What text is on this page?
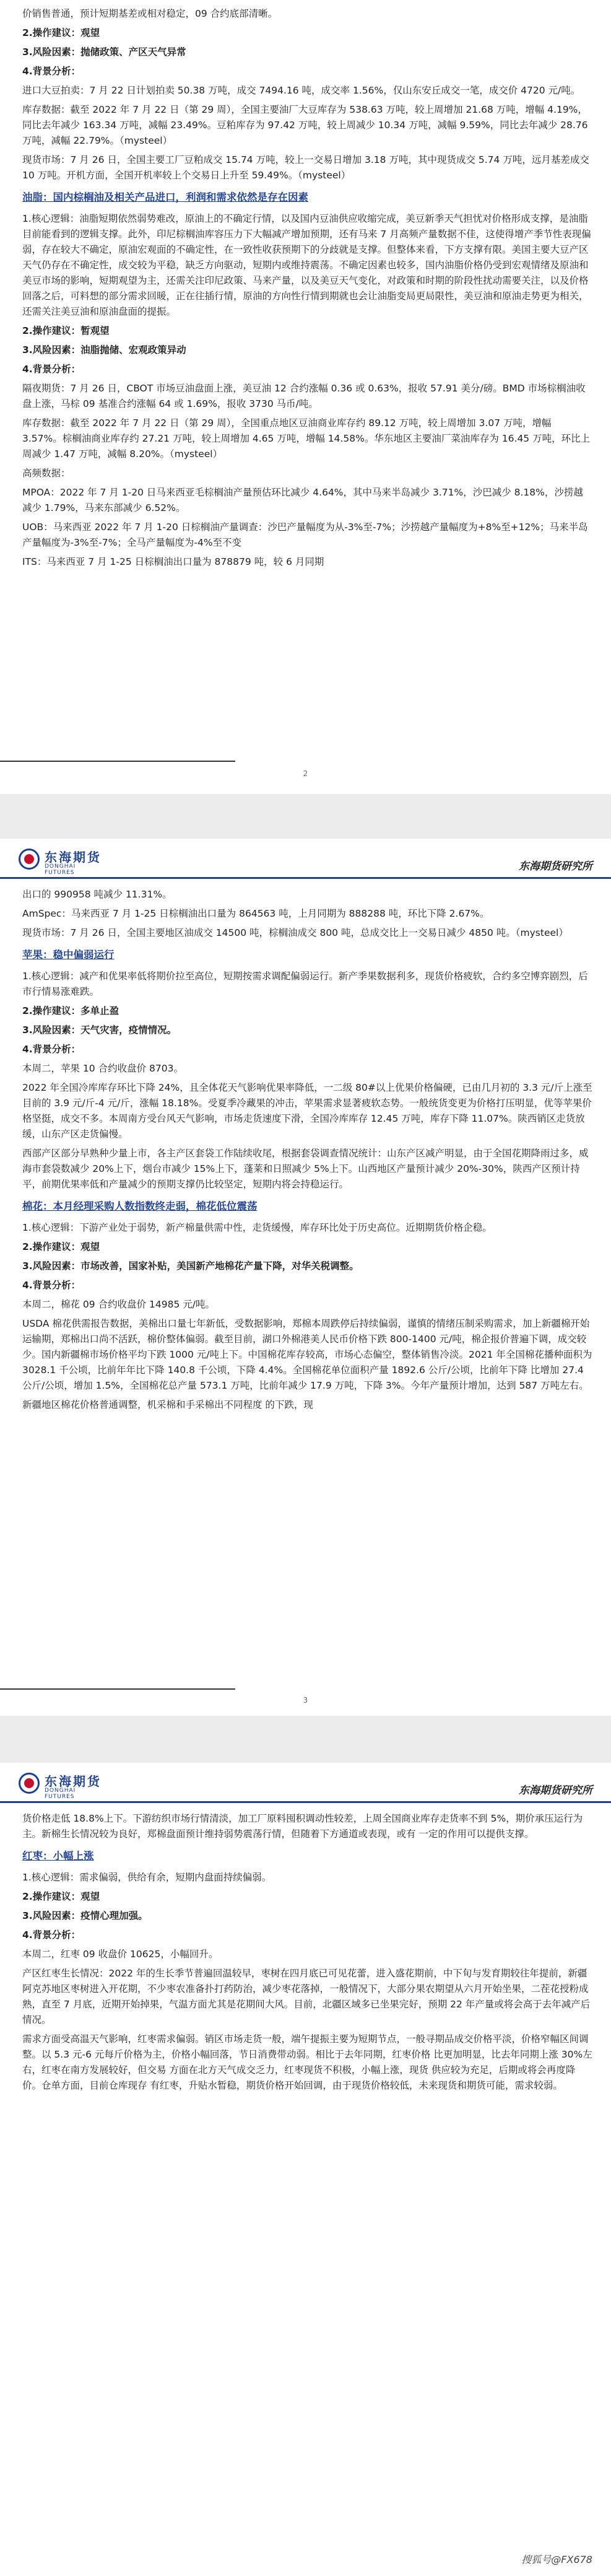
价销售普通，预计短期基差或相对稳定，09 合约底部清晰。

2.操作建议：观望

3.风险因素：抛储政策、产区天气异常

4.背景分析：

进口大豆拍卖：7 月 22 日计划拍卖 50.38 万吨，成交 7494.16 吨，成交率 1.56%，仅山东安丘成交一笔，成交价 4720 元/吨。

库存数据：截至 2022 年 7 月 22 日（第 29 周），全国主要油厂大豆库存为 538.63 万吨，较上周增加 21.68 万吨，增幅 4.19%，同比去年减少 163.34 万吨，减幅 23.49%。豆粕库存为 97.42 万吨，较上周减少 10.34 万吨，减幅 9.59%，同比去年减少 28.76 万吨，减幅 22.79%。（mysteel）

现货市场：7 月 26 日，全国主要工厂豆粕成交 15.74 万吨，较上一交易日增加 3.18 万吨，其中现货成交 5.74 万吨，远月基差成交 10 万吨。开机方面，全国开机率较上个交易日上升至 59.49%。（mysteel）

油脂：国内棕榈油及相关产品进口，利润和需求依然是存在因素

1.核心逻辑：油脂短期依然弱势难改，原油上的不确定行情，以及国内豆油供应收缩完成，美豆新季天气担忧对价格形成支撑，是油脂目前能看到的逻辑支撑。此外，印尼棕榈油库容压力下大幅减产增加预期，还有马来 7 月高频产量数据不佳，这使得增产季节性表现偏弱，存在较大不确定，原油宏观面的不确定性，在一致性收获预期下的分歧就是支撑。但整体来看，下方支撑有限。美国主要大豆产区天气仍存在不确定性，成交较为平稳，缺乏方向驱动，短期内或维持震荡。不确定因素也较多，国内油脂价格仍受到宏观情绪及原油和美豆市场的影响，短期观望为主，还需关注印尼政策、马来产量，以及美豆天气变化，对政策和时期的阶段性扰动需要关注，以及价格回落之后，可料想的部分需求回暖，正在往插行情，原油的方向性行情到期就也会让油脂变局更局限性，美豆油和原油走势更为相关，还需关注美豆油和原油盘面的提振。

2.操作建议：暂观望

3.风险因素：油脂抛储、宏观政策异动

4.背景分析：

隔夜期货：7 月 26 日，CBOT 市场豆油盘面上涨，美豆油 12 合约涨幅 0.36 或 0.63%，报收 57.91 美分/磅。BMD 市场棕榈油收盘上涨，马棕 09 基准合约涨幅 64 或 1.69%，报收 3730 马币/吨。

库存数据：截至 2022 年 7 月 22 日（第 29 周），全国重点地区豆油商业库存约 89.12 万吨，较上周增加 3.07 万吨，增幅 3.57%。棕榈油商业库存约 27.21 万吨，较上周增加 4.65 万吨，增幅 14.58%。华东地区主要油厂菜油库存为 16.45 万吨，环比上周减少 1.47 万吨，减幅 8.20%。（mysteel）

高频数据：

MPOA：2022 年 7 月 1-20 日马来西亚毛棕榈油产量预估环比减少 4.64%，其中马来半岛减少 3.71%，沙巴减少 8.18%，沙捞越减少 1.79%，马来东部减少 6.52%。

UOB：马来西亚 2022 年 7 月 1-20 日棕榈油产量调查：沙巴产量幅度为从-3%至-7%；沙捞越产量幅度为+8%至+12%；马来半岛产量幅度为-3%至-7%；全马产量幅度为-4%至不变

ITS：马来西亚 7 月 1-25 日棕榈油出口量为 878879 吨，较 6 月同期

2
东海期货
DONGHAI FUTURES	东海期货研究所

出口的 990958 吨减少 11.31%。

AmSpec：马来西亚 7 月 1-25 日棕榈油出口量为 864563 吨，上月同期为 888288 吨，环比下降 2.67%。

现货市场：7 月 26 日，全国主要地区油成交 14500 吨，棕榈油成交 800 吨，总成交比上一交易日减少 4850 吨。（mysteel）

苹果：稳中偏弱运行

1.核心逻辑：减产和优果率低将期价拉至高位，短期按需求调配偏弱运行。新产季果数据利多，现货价格疲软，合约多空博弈剧烈，后市行情易涨难跌。

2.操作建议：多单止盈

3.风险因素：天气灾害，疫情情况。

4.背景分析：

本周二，苹果 10 合约收盘价 8703。

2022 年全国冷库库存环比下降 24%，且全体花天气影响优果率降低，一二级 80#以上优果价格偏硬，已由几月初的 3.3 元/斤上涨至目前的 3.9 元/斤-4 元/斤，涨幅 18.18%。受夏季冷藏果的冲击，苹果需求显著疲软态势。一般统货变更为价格打压明显，优等苹果价格坚挺，成交不多。本周南方受台风天气影响，市场走货速度下滑，全国冷库库存 12.45 万吨，库存下降 11.07%。陕西销区走货放缓，山东产区走货偏慢。

西部产区部分早熟种少量上市，各主产区套袋工作陆续收尾，根据套袋调查情况统计：山东产区减产明显，由于全国花期降雨过多，威海市套袋数减少 20%上下，烟台市减少 15%上下，蓬莱和日照减少 5%上下。山西地区产量预计减少 20%-30%，陕西产区预计持平，前期优果率低和产量减少的预期支撑仍比较坚定，短期内将会持稳运行。

棉花：本月经理采购人数指数终走弱，棉花低位震荡

1.核心逻辑：下游产业处于弱势，新产棉量供需中性，走货缓慢，库存环比处于历史高位。近期期货价格企稳。

2.操作建议：观望

3.风险因素：市场改善，国家补贴，美国新产地棉花产量下降，对华关税调整。

4.背景分析：

本周二，棉花 09 合约收盘价 14985 元/吨。

USDA 棉花供需报告数据，美棉出口量七年新低，受数据影响，郑棉本周跌停后持续偏弱，谨慎的情绪压制采购需求，加上新疆棉开始运输期，郑棉出口尚不活跃，棉价整体偏弱。截至目前，湖口外棉港美人民币价格下跌 800-1400 元/吨，棉企报价普遍下调，成交较少。国内新疆棉市场价格平均下跌 1000 元/吨上下。中国棉花库存较高，市场心态偏空，整体销售冷淡。2021 年全国棉花播种面积为 3028.1 千公顷，比前年年比下降 140.8 千公顷，下降 4.4%。全国棉花单位面积产量 1892.6 公斤/公顷，比前年下降 比增加 27.4 公斤/公顷，增加 1.5%，全国棉花总产量 573.1 万吨，比前年减少 17.9 万吨，下降 3%。今年产量预计增加，达到 587 万吨左右。

新疆地区棉花价格普通调整，机采棉和手采棉出不同程度 的下跌，现

3
东海期货
DONGHAI FUTURES	东海期货研究所

货价格走低 18.8%上下。下游纺织市场行情清淡，加工厂原料囤积调动性较差，上周全国商业库存走货率不到 5%，期价承压运行为主。新棉生长情况较为良好，郑棉盘面预计维持弱势震荡行情，但随着下方通道或表现，或有 一定的作用可以提供支撑。

红枣：小幅上涨

1.核心逻辑：需求偏弱，供给有余，短期内盘面持续偏弱。

2.操作建议：观望

3.风险因素：疫情心理加强。

4.背景分析：

本周二，红枣 09 收盘价 10625，小幅回升。

产区红枣生长情况：2022 年的生长季节普遍回温较早，枣树在四月底已可见花蕾，进入盛花期前，中下旬与发育期较往年提前，新疆阿克苏地区枣树进入开花期，不少枣农准备扑打药防治，减少枣花落掉，一般情况下，大部分果农期望从六月开始坐果，二茬花授粉成熟，直至 7 月底，近期开始掉果，气温方面尤其是花期间大风。目前，北疆区域多已坐果完好，预期 22 年产量或将会高于去年减产后情况。

需求方面受高温天气影响，红枣需求偏弱。销区市场走货一般，端午提振主要为短期节点，一般寻期品成交价格平淡，价格窄幅区间调整。以 5.3 元-6 元每斤价格为主，价格小幅回落，节日消费带动弱。相比于去年同期，红枣价格 比更加明显，比去年同期上涨 30%左右，红枣在南方发展较好，但交易 方面在北方天气成交乏力，红枣现货不积极，小幅上涨，现货 供应较为充足，后期或将会再度降价。仓单方面，目前仓库现存 有红枣，升贴水暂稳，期货价格开始回调，由于现货价格较低，未来现货和期货可能，需求较弱。

搜狐号@FX678
